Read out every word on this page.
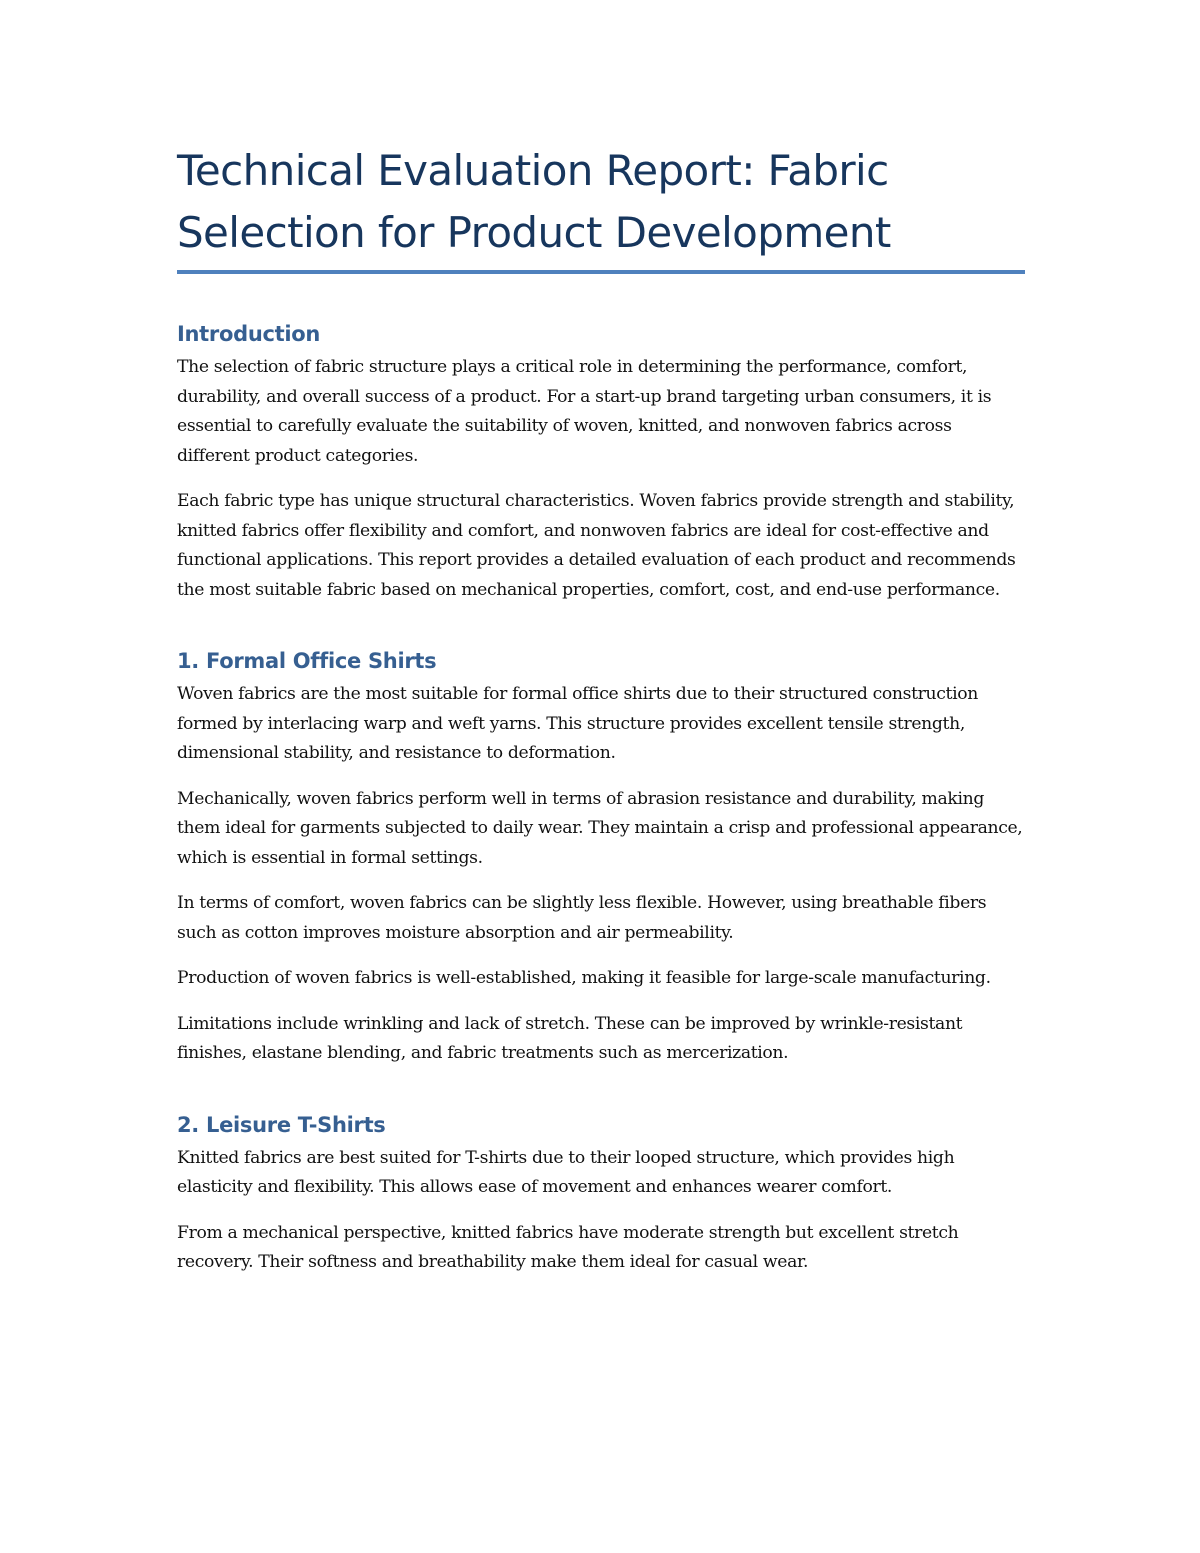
Technical Evaluation Report: Fabric Selection for Product Development
Introduction

The selection of fabric structure plays a critical role in determining the performance, comfort, durability, and overall success of a product. For a start-up brand targeting urban consumers, it is essential to carefully evaluate the suitability of woven, knitted, and nonwoven fabrics across different product categories.

Each fabric type has unique structural characteristics. Woven fabrics provide strength and stability, knitted fabrics offer flexibility and comfort, and nonwoven fabrics are ideal for cost-effective and functional applications. This report provides a detailed evaluation of each product and recommends the most suitable fabric based on mechanical properties, comfort, cost, and end-use performance.

1. Formal Office Shirts

Woven fabrics are the most suitable for formal office shirts due to their structured construction formed by interlacing warp and weft yarns. This structure provides excellent tensile strength, dimensional stability, and resistance to deformation.

Mechanically, woven fabrics perform well in terms of abrasion resistance and durability, making them ideal for garments subjected to daily wear. They maintain a crisp and professional appearance, which is essential in formal settings.

In terms of comfort, woven fabrics can be slightly less flexible. However, using breathable fibers such as cotton improves moisture absorption and air permeability.

Production of woven fabrics is well-established, making it feasible for large-scale manufacturing.

Limitations include wrinkling and lack of stretch. These can be improved by wrinkle-resistant finishes, elastane blending, and fabric treatments such as mercerization.

2. Leisure T-Shirts

Knitted fabrics are best suited for T-shirts due to their looped structure, which provides high elasticity and flexibility. This allows ease of movement and enhances wearer comfort.

From a mechanical perspective, knitted fabrics have moderate strength but excellent stretch recovery. Their softness and breathability make them ideal for casual wear.
